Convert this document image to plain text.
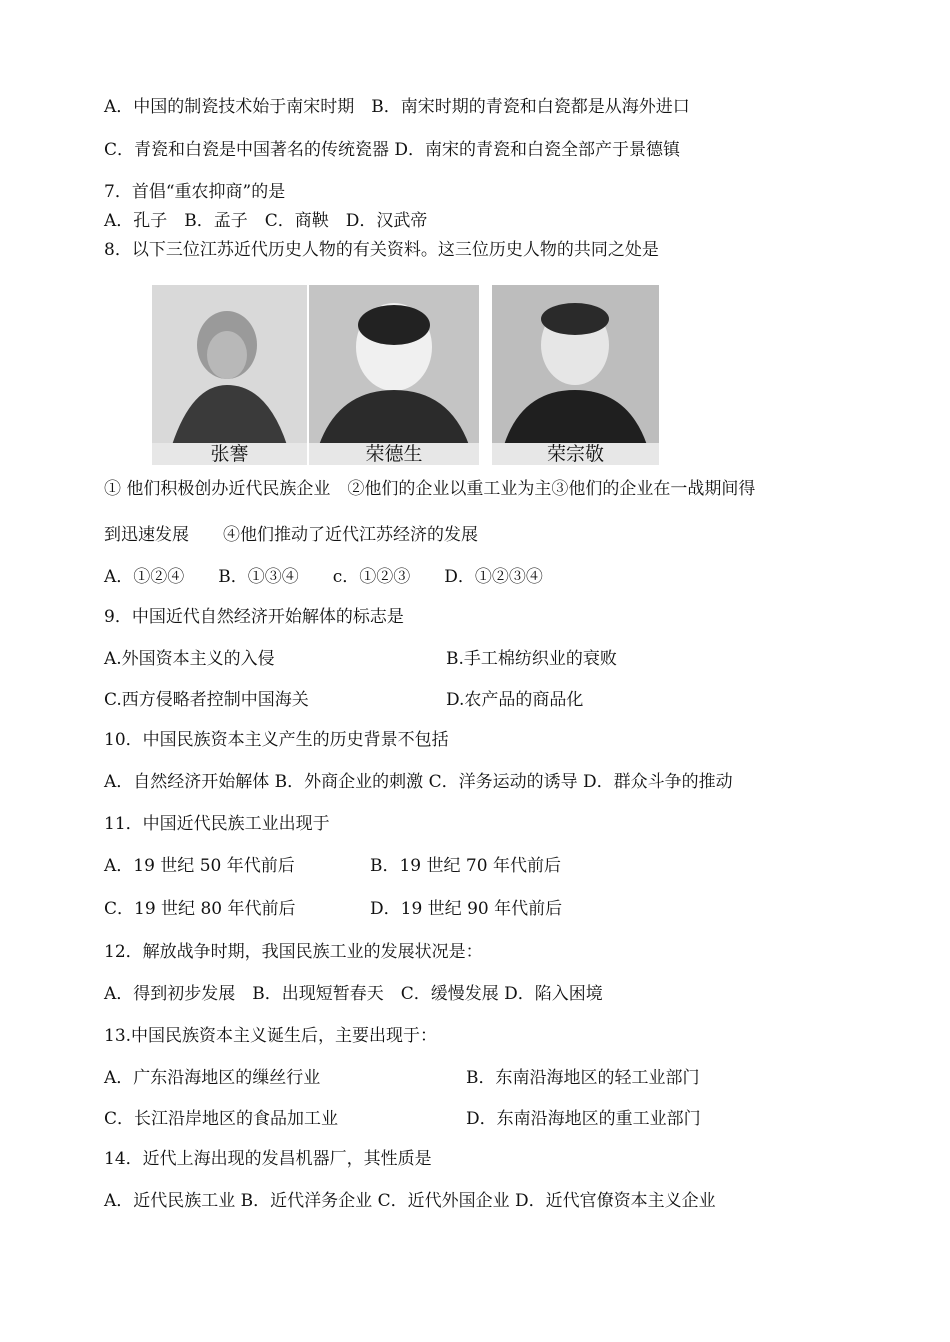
A．中国的制瓷技术始于南宋时期　B．南宋时期的青瓷和白瓷都是从海外进口
C．青瓷和白瓷是中国著名的传统瓷器 D．南宋的青瓷和白瓷全部产于景德镇
7．首倡“重农抑商”的是
A．孔子　B．孟子　C．商鞅　D．汉武帝
8．以下三位江苏近代历史人物的有关资料。这三位历史人物的共同之处是
张謇	荣德生	荣宗敬
① 他们积极创办近代民族企业　②他们的企业以重工业为主③他们的企业在一战期间得
到迅速发展　　④他们推动了近代江苏经济的发展
A．①②④　　B．①③④　　c．①②③　　D．①②③④
9．中国近代自然经济开始解体的标志是
A.外国资本主义的入侵	B.手工棉纺织业的衰败
C.西方侵略者控制中国海关	D.农产品的商品化
10．中国民族资本主义产生的历史背景不包括
A．自然经济开始解体 B．外商企业的刺激 C．洋务运动的诱导 D．群众斗争的推动
11．中国近代民族工业出现于
A．19 世纪 50 年代前后	B．19 世纪 70 年代前后
C．19 世纪 80 年代前后	D．19 世纪 90 年代前后
12．解放战争时期，我国民族工业的发展状况是：
A．得到初步发展　B．出现短暂春天　C．缓慢发展 D．陷入困境
13.中国民族资本主义诞生后，主要出现于：
A．广东沿海地区的缫丝行业	B．东南沿海地区的轻工业部门
C．长江沿岸地区的食品加工业	D．东南沿海地区的重工业部门
14．近代上海出现的发昌机器厂，其性质是
A．近代民族工业 B．近代洋务企业 C．近代外国企业 D．近代官僚资本主义企业
